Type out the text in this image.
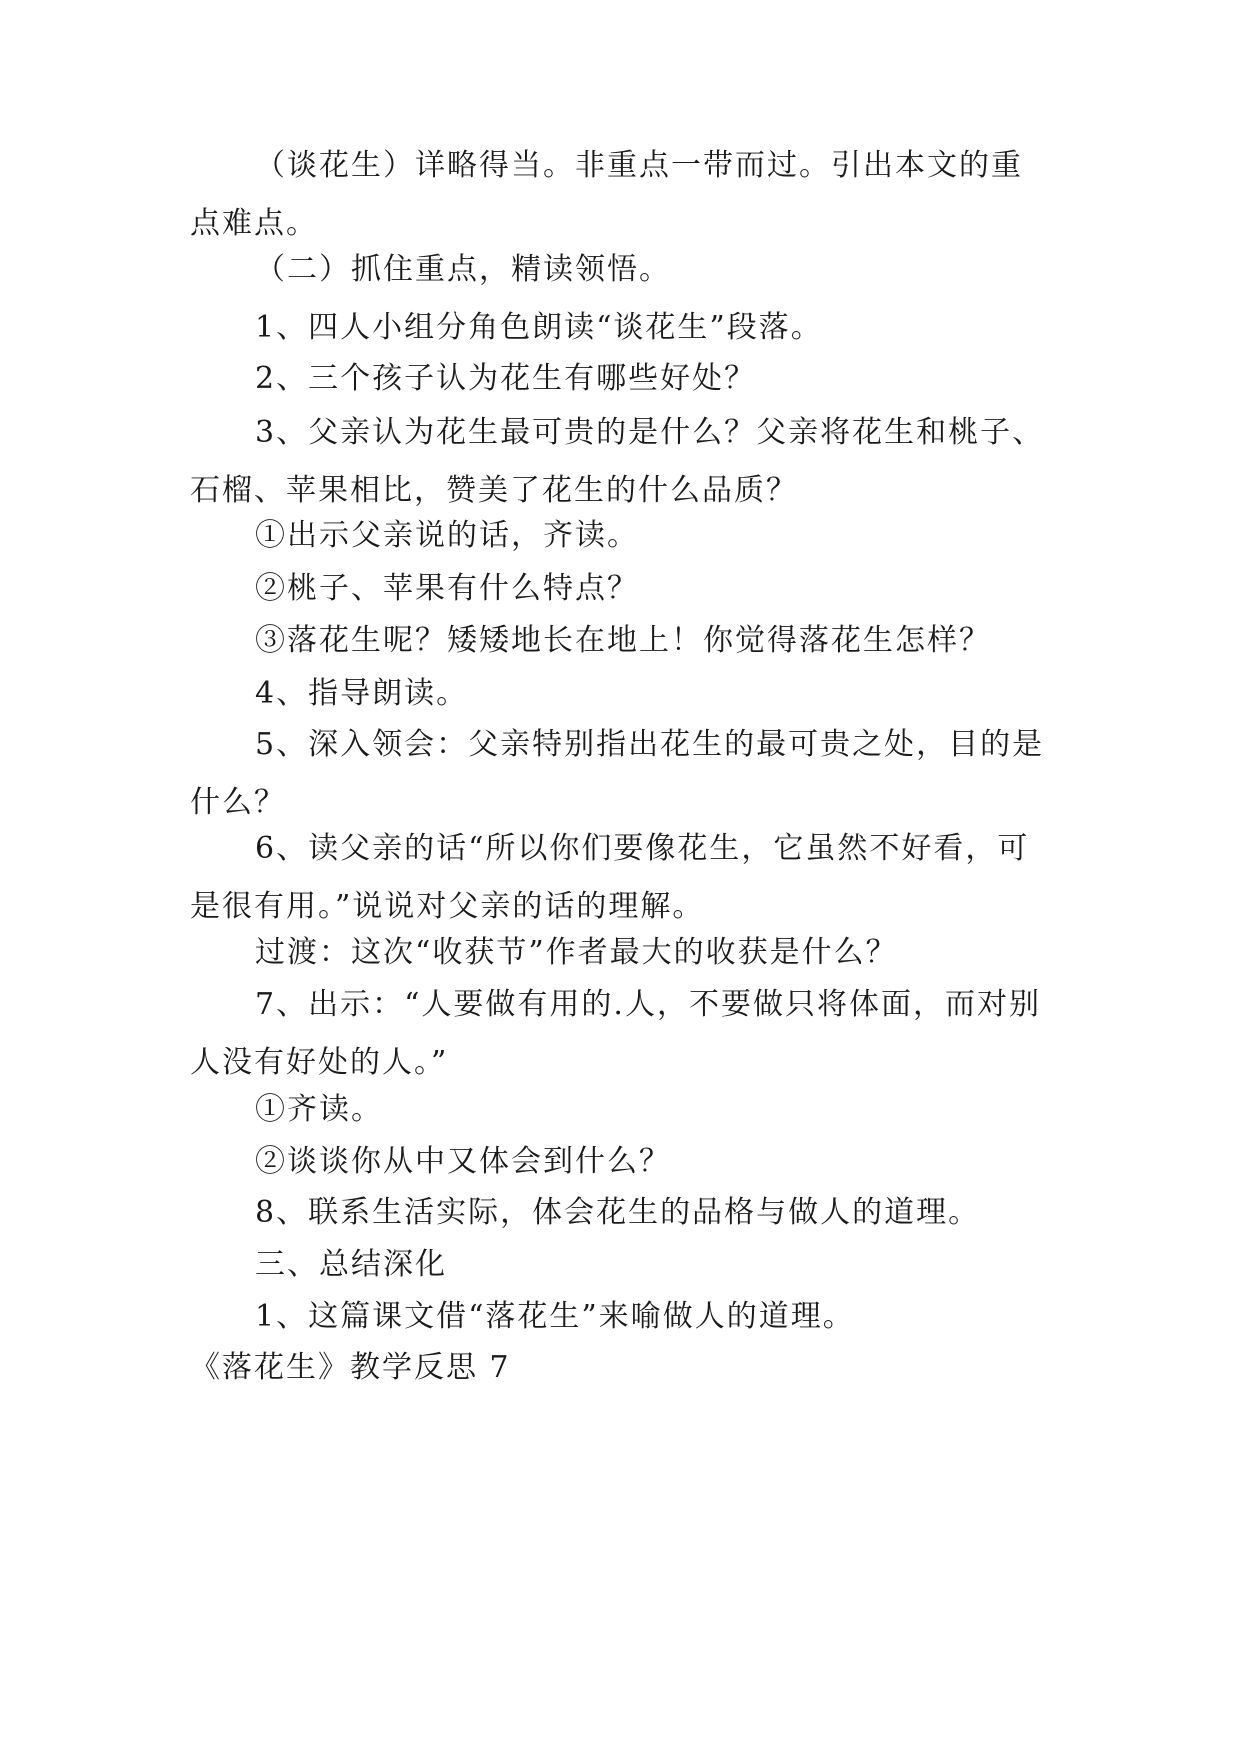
（谈花生）详略得当。非重点一带而过。引出本文的重点难点。

（二）抓住重点，精读领悟。

1、四人小组分角色朗读“谈花生”段落。

2、三个孩子认为花生有哪些好处？

3、父亲认为花生最可贵的是什么？父亲将花生和桃子、石榴、苹果相比，赞美了花生的什么品质？

①出示父亲说的话，齐读。

②桃子、苹果有什么特点？

③落花生呢？矮矮地长在地上！你觉得落花生怎样？

4、指导朗读。

5、深入领会：父亲特别指出花生的最可贵之处，目的是什么？

6、读父亲的话“所以你们要像花生，它虽然不好看，可是很有用。”说说对父亲的话的理解。

过渡：这次“收获节”作者最大的收获是什么？

7、出示：“人要做有用的.人，不要做只将体面，而对别人没有好处的人。”

①齐读。

②谈谈你从中又体会到什么？

8、联系生活实际，体会花生的品格与做人的道理。

三、总结深化

1、这篇课文借“落花生”来喻做人的道理。

《落花生》教学反思 7
